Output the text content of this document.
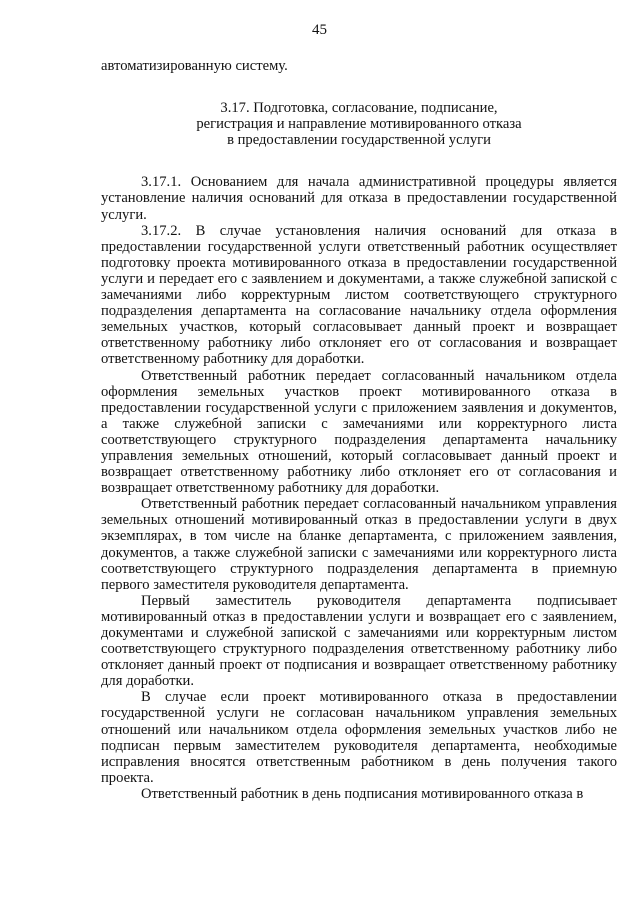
45

автоматизированную систему.

3.17. Подготовка, согласование, подписание,
регистрация и направление мотивированного отказа
в предоставлении государственной услуги

3.17.1. Основанием для начала административной процедуры является установление наличия оснований для отказа в предоставлении государственной услуги.

3.17.2. В случае установления наличия оснований для отказа в предоставлении государственной услуги ответственный работник осуществляет подготовку проекта мотивированного отказа в предоставлении государственной услуги и передает его с заявлением и документами, а также служебной запиской с замечаниями либо корректурным листом соответствующего структурного подразделения департамента на согласование начальнику отдела оформления земельных участков, который согласовывает данный проект и возвращает ответственному работнику либо отклоняет его от согласования и возвращает ответственному работнику для доработки.

Ответственный работник передает согласованный начальником отдела оформления земельных участков проект мотивированного отказа в предоставлении государственной услуги с приложением заявления и документов, а также служебной записки с замечаниями или корректурного листа соответствующего структурного подразделения департамента начальнику управления земельных отношений, который согласовывает данный проект и возвращает ответственному работнику либо отклоняет его от согласования и возвращает ответственному работнику для доработки.

Ответственный работник передает согласованный начальником управления земельных отношений мотивированный отказ в предоставлении услуги в двух экземплярах, в том числе на бланке департамента, с приложением заявления, документов, а также служебной записки с замечаниями или корректурного листа соответствующего структурного подразделения департамента в приемную первого заместителя руководителя департамента.

Первый заместитель руководителя департамента подписывает мотивированный отказ в предоставлении услуги и возвращает его с заявлением, документами и служебной запиской с замечаниями или корректурным листом соответствующего структурного подразделения ответственному работнику либо отклоняет данный проект от подписания и возвращает ответственному работнику для доработки.

В случае если проект мотивированного отказа в предоставлении государственной услуги не согласован начальником управления земельных отношений или начальником отдела оформления земельных участков либо не подписан первым заместителем руководителя департамента, необходимые исправления вносятся ответственным работником в день получения такого проекта.

Ответственный работник в день подписания мотивированного отказа в
